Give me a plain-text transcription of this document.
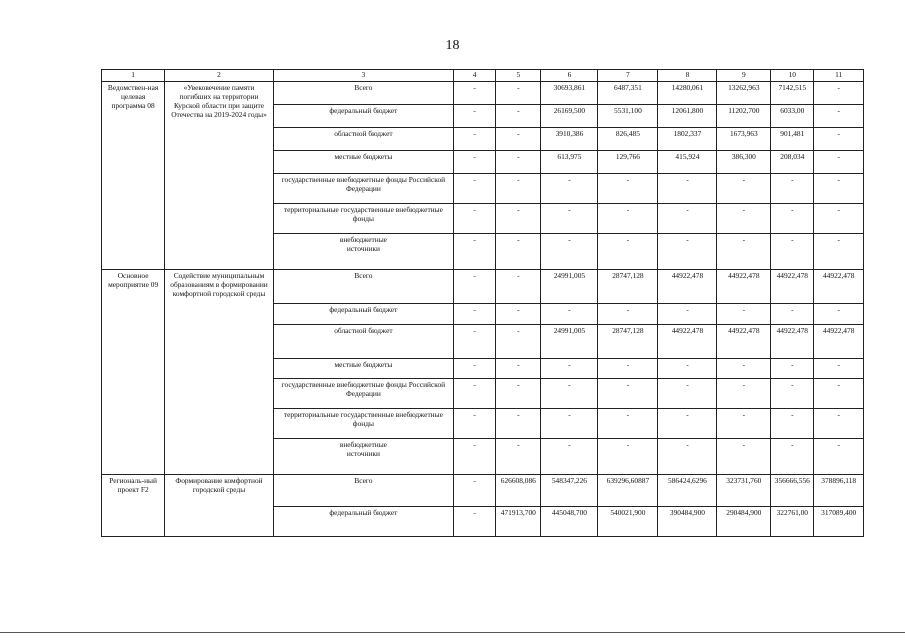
18
1	2	3	4	5	6	7	8	9	10	11
Ведомствен-ная целевая программа 08	«Увековечение памяти погибших на территории Курской области при защите Отечества на 2019-2024 годы»	Всего	-	-	30693,861	6487,351	14280,061	13262,963	7142,515	-
		федеральный бюджет	-	-	26169,500	5531,100	12061,800	11202,700	6033,00	-
		областной бюджет	-	-	3910,386	826,485	1802,337	1673,963	901,481	-
		местные бюджеты	-	-	613,975	129,766	415,924	386,300	208,034	-
		государственные внебюджетные фонды Российской Федерации	-	-	-	-	-	-	-	-
		территориальные государственные внебюджетные фонды	-	-	-	-	-	-	-	-
		внебюджетные
источники	-	-	-	-	-	-	-	-
Основное мероприятие 09	Содействие муниципальным образованиям в формировании комфортной городской среды	Всего	-	-	24991,005	28747,128	44922,478	44922,478	44922,478	44922,478
		федеральный бюджет	-	-	-	-	-	-	-	-
		областной бюджет	-	-	24991,005	28747,128	44922,478	44922,478	44922,478	44922,478
		местные бюджеты	-	-	-	-	-	-	-	-
		государственные внебюджетные фонды Российской Федерации	-	-	-	-	-	-	-	-
		территориальные государственные внебюджетные фонды	-	-	-	-	-	-	-	-
		внебюджетные
источники	-	-	-	-	-	-	-	-
Региональ-ный проект F2	Формирование комфортной городской среды	Всего	-	626608,086	548347,226	639296,60887	586424,6296	323731,760	356666,556	378896,118
		федеральный бюджет	-	471913,700	445048,700	540021,900	390484,900	290484,900	322761,00	317089,400
